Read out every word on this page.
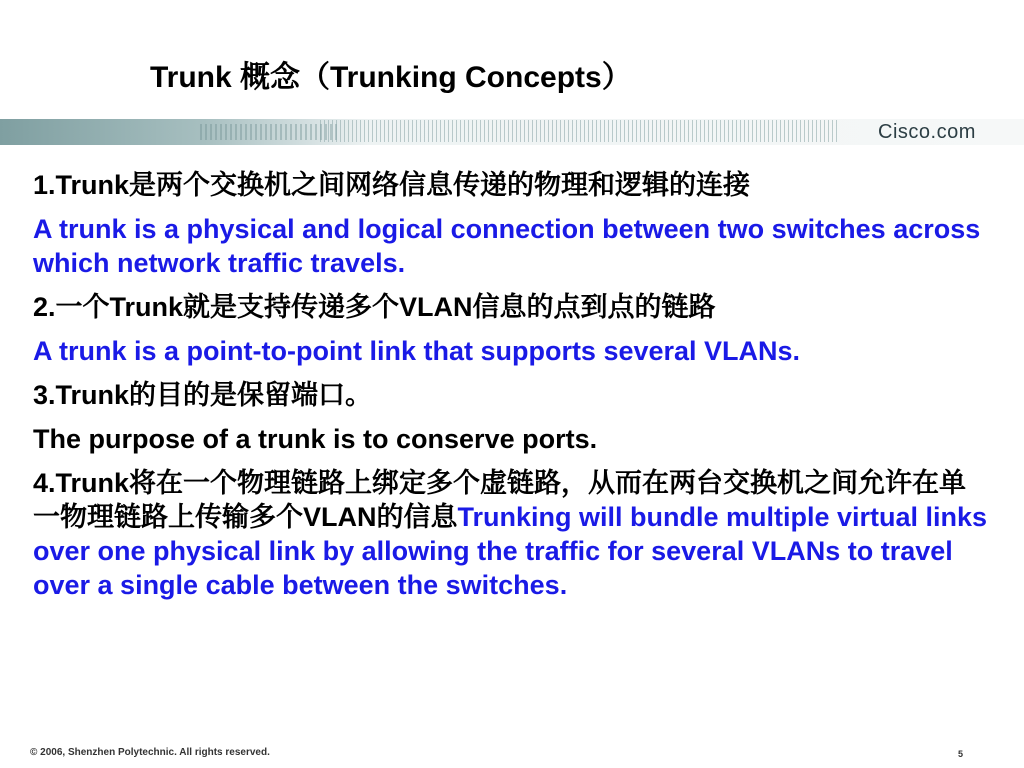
Trunk 概念（Trunking Concepts）
Cisco.com
1.Trunk是两个交换机之间网络信息传递的物理和逻辑的连接
A trunk is a physical and logical connection between two switches across which network traffic travels.
2.一个Trunk就是支持传递多个VLAN信息的点到点的链路
A trunk is a point-to-point link that supports several VLANs.
3.Trunk的目的是保留端口。
The purpose of a trunk is to conserve ports.
4.Trunk将在一个物理链路上绑定多个虚链路，从而在两台交换机之间允许在单一物理链路上传输多个VLAN的信息Trunking will bundle multiple virtual links over one physical link by allowing the traffic for several VLANs to travel over a single cable between the switches.
© 2006, Shenzhen Polytechnic. All rights reserved.	5
